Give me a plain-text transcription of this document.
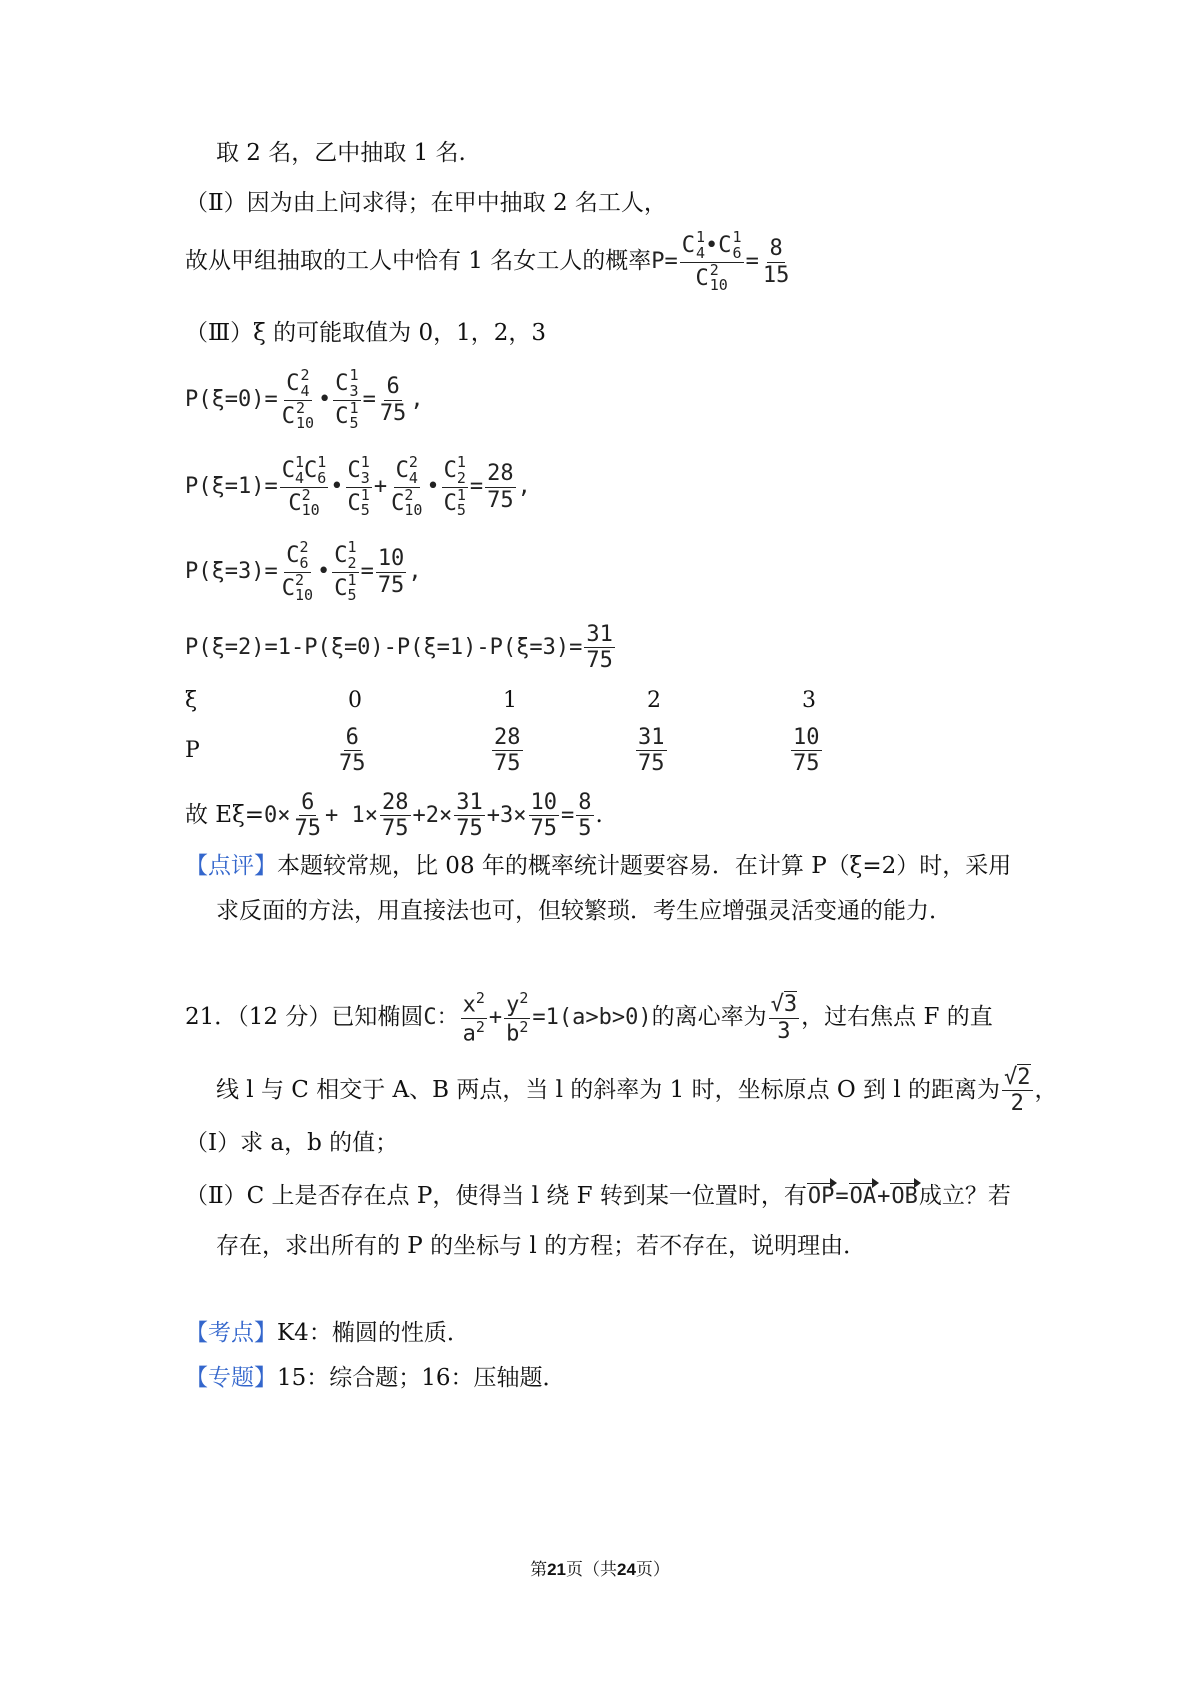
取 2 名，乙中抽取 1 名.
（Ⅱ）因为由上问求得；在甲中抽取 2 名工人，
故从甲组抽取的工人中恰有 1 名女工人的概率P= C 1
4 •C 1
6
C 2
$10 = \frac{8}{15}$
（Ⅲ）ξ 的可能取值为 0，1，2，3
P(ξ=0)= C 2
4
C 2
10 • C 1
3
C 1
$5 = \frac{6}{75}$ ,
P(ξ=1)= C 1
4 C 1
6
C 2
10 • C 1
3
C 1
5 + C 2
4
C 2
10 • C 1
2
C 1
$5 = \frac{28}{75}$ ,
P(ξ=3)= C 2
6
C 2
10 • C 1
2
C 1
$5 = \frac{10}{75}$ ,
$P(\xi=2)=1-P(\xi=0)-P(\xi=1)-P(\xi=3)= \frac{31}{75}$
ξ	0	1	2	3
P	$\frac{6}{75}$	$\frac{28}{75}$	$\frac{31}{75}$	$\frac{10}{75}$
故 $E\xi=0\times \frac{6}{75} + 1\times \frac{28}{75} +2\times \frac{31}{75} +3\times \frac{10}{75} = \frac{8}{5}$ .
【点评】本题较常规，比 08 年的概率统计题要容易．在计算 P（ξ=2）时，采用
求反面的方法，用直接法也可，但较繁琐．考生应增强灵活变通的能力．
21．（12 分）已知椭圆C： $\frac{x^2}{a^2} + \frac{y^2}{b^2} =1(a>b>0)$的离心率为 $\frac{√3}{3}$ ，过右焦点 F 的直
线 l 与 C 相交于 A、B 两点，当 l 的斜率为 1 时，坐标原点 O 到 l 的距离为 $\frac{√2}{2}$ ，
（Ⅰ）求 a，b 的值；
（Ⅱ）C 上是否存在点 P，使得当 l 绕 F 转到某一位置时，有OP=OA+OB成立？若
存在，求出所有的 P 的坐标与 l 的方程；若不存在，说明理由．
【考点】K4：椭圆的性质．
【专题】15：综合题；16：压轴题．
第21页（共24页）
